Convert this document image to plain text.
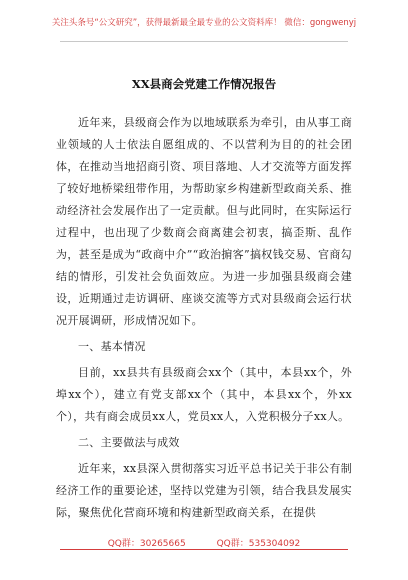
关注头条号“公文研究”，获得最新最全最专业的公文资料库！ 微信：gongwenyj
XX县商会党建工作情况报告

近年来，县级商会作为以地域联系为牵引，由从事工商业领域的人士依法自愿组成的、不以营利为目的的社会团体，在推动当地招商引资、项目落地、人才交流等方面发挥了较好地桥梁纽带作用，为帮助家乡构建新型政商关系、推动经济社会发展作出了一定贡献。但与此同时，在实际运行过程中，也出现了少数商会商离建会初衷，搞歪斯、乱作为，甚至是成为“政商中介”“政治掮客”搞权钱交易、官商勾结的情形，引发社会负面效应。为进一步加强县级商会建设，近期通过走访调研、座谈交流等方式对县级商会运行状况开展调研，形成情况如下。

一、基本情况

目前，xx县共有县级商会xx个（其中，本县xx个，外埠xx个），建立有党支部xx个（其中，本县xx个，外xx个），共有商会成员xx人，党员xx人，入党积极分子xx人。

二、主要做法与成效

近年来，xx县深入贯彻落实习近平总书记关于非公有制经济工作的重要论述，坚持以党建为引领，结合我县发展实际，聚焦优化营商环境和构建新型政商关系，在提供

QQ群：30265665	QQ群：535304092
